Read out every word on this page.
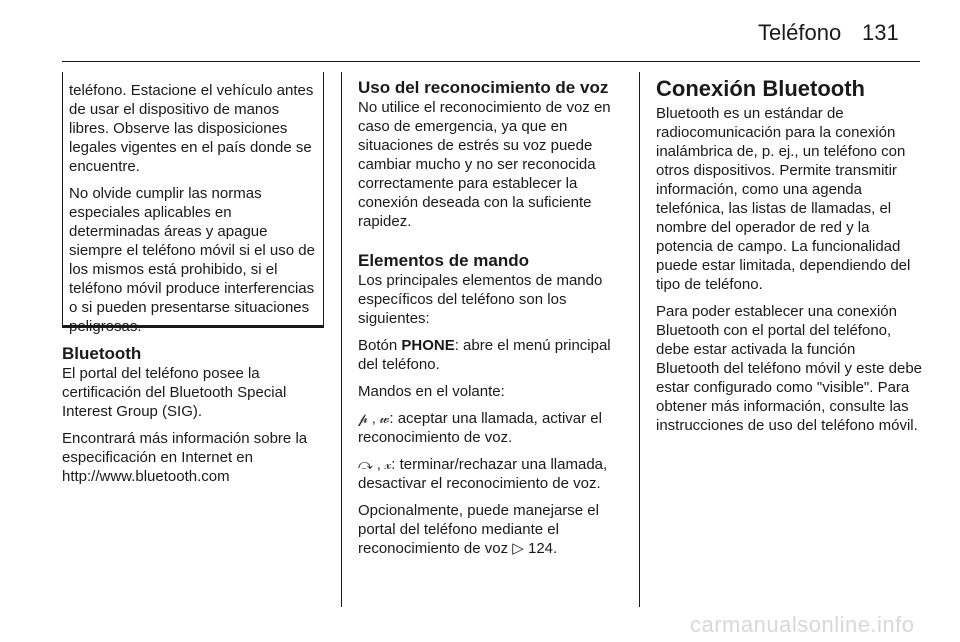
Teléfono 131

teléfono. Estacione el vehículo antes de usar el dispositivo de manos libres. Observe las disposiciones legales vigentes en el país donde se encuentre.

No olvide cumplir las normas especiales aplicables en determinadas áreas y apague siempre el teléfono móvil si el uso de los mismos está prohibido, si el teléfono móvil produce interferencias o si pueden presentarse situaciones peligrosas.

Bluetooth

El portal del teléfono posee la certificación del Bluetooth Special Interest Group (SIG).

Encontrará más información sobre la especificación en Internet en http://www.bluetooth.com

Uso del reconocimiento de voz

No utilice el reconocimiento de voz en caso de emergencia, ya que en situaciones de estrés su voz puede cambiar mucho y no ser reconocida correctamente para establecer la conexión deseada con la suficiente rapidez.

Elementos de mando

Los principales elementos de mando específicos del teléfono son los siguientes:

Botón PHONE: abre el menú principal del teléfono.

Mandos en el volante:

𝓅 , 𝓌: aceptar una llamada, activar el reconocimiento de voz.

⤼ , 𝓍: terminar/rechazar una llamada, desactivar el reconocimiento de voz.

Opcionalmente, puede manejarse el portal del teléfono mediante el reconocimiento de voz ▷ 124.

Conexión Bluetooth

Bluetooth es un estándar de radiocomunicación para la conexión inalámbrica de, p. ej., un teléfono con otros dispositivos. Permite transmitir información, como una agenda telefónica, las listas de llamadas, el nombre del operador de red y la potencia de campo. La funcionalidad puede estar limitada, dependiendo del tipo de teléfono.

Para poder establecer una conexión Bluetooth con el portal del teléfono, debe estar activada la función Bluetooth del teléfono móvil y este debe estar configurado como "visible". Para obtener más información, consulte las instrucciones de uso del teléfono móvil.

carmanualsonline.info
